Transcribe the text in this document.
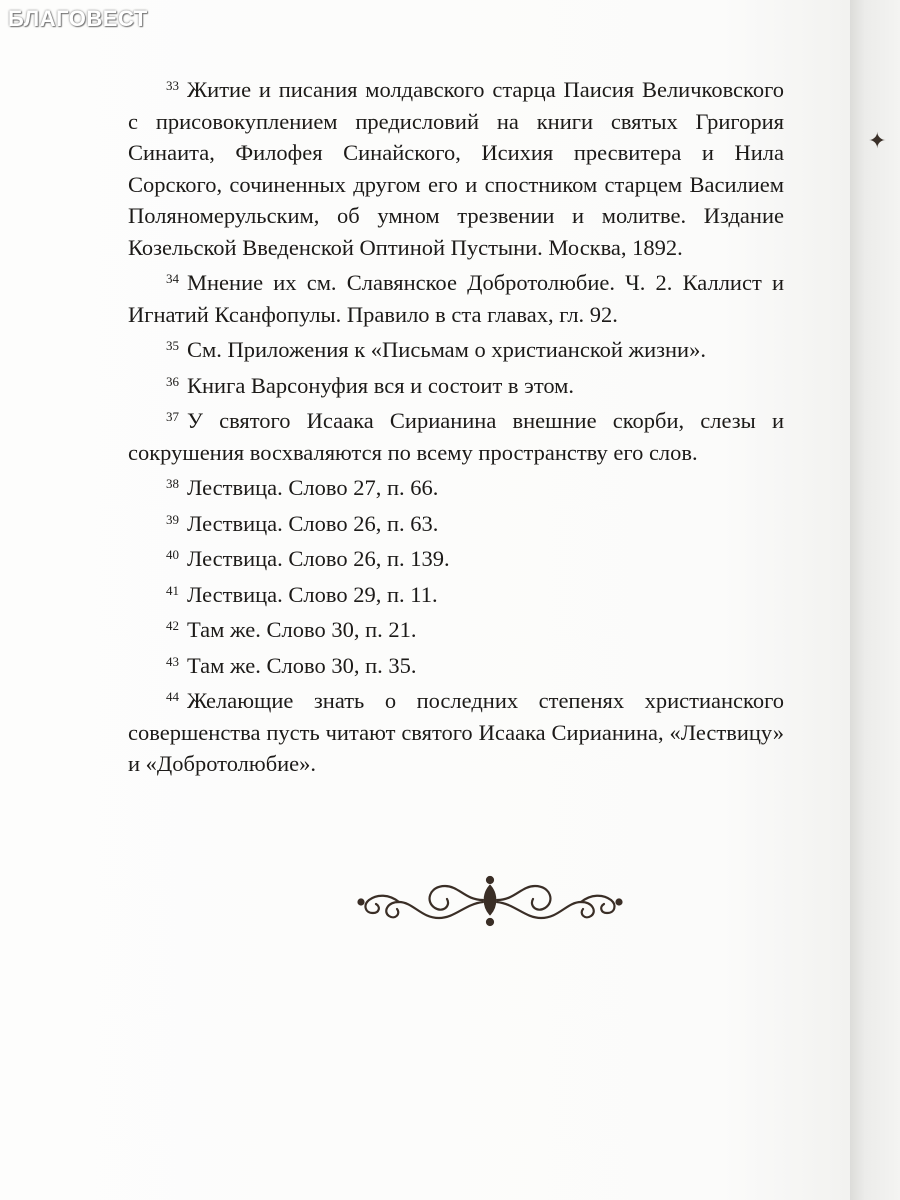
✦
БЛАГОВЕСТ

$^{33}$ Житие и писания молдавского старца Паисия Величковского с присовокуплением предисловий на книги святых Григория Синаита, Филофея Синайского, Исихия пресвитера и Нила Сорского, сочиненных другом его и спостником старцем Василием Поляномерульским, об умном трезвении и молитве. Издание Козельской Введенской Оптиной Пустыни. Москва, 1892.

$^{34}$ Мнение их см. Славянское Добротолюбие. Ч. 2. Каллист и Игнатий Ксанфопулы. Правило в ста главах, гл. 92.

$^{35}$ См. Приложения к «Письмам о христианской жизни».

$^{36}$ Книга Варсонуфия вся и состоит в этом.

$^{37}$ У святого Исаака Сирианина внешние скорби, слезы и сокрушения восхваляются по всему пространству его слов.

$^{38}$ Лествица. Слово 27, п. 66.

$^{39}$ Лествица. Слово 26, п. 63.

$^{40}$ Лествица. Слово 26, п. 139.

$^{41}$ Лествица. Слово 29, п. 11.

$^{42}$ Там же. Слово 30, п. 21.

$^{43}$ Там же. Слово 30, п. 35.

$^{44}$ Желающие знать о последних степенях христианского совершенства пусть читают святого Исаака Сирианина, «Лествицу» и «Добротолюбие».
